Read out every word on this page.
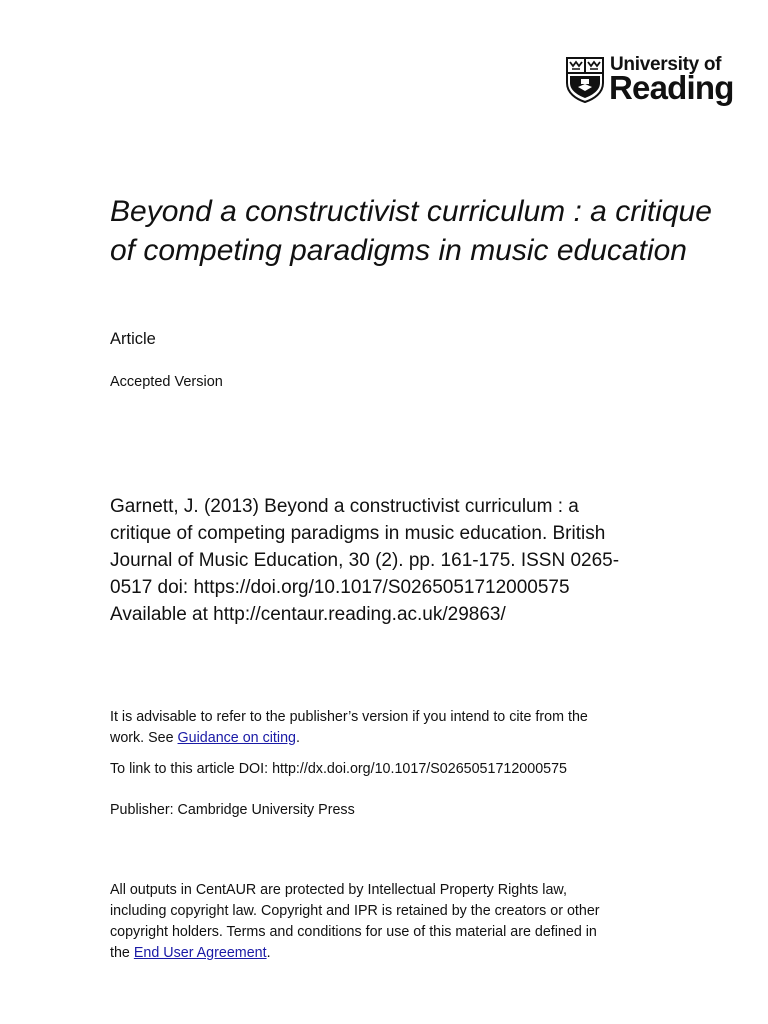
University of
Reading
Beyond a constructivist curriculum : a critique of competing paradigms in music education
Article
Accepted Version
Garnett, J. (2013) Beyond a constructivist curriculum : a
critique of competing paradigms in music education. British
Journal of Music Education, 30 (2). pp. 161-175. ISSN 0265-
0517 doi: https://doi.org/10.1017/S0265051712000575
Available at http://centaur.reading.ac.uk/29863/
It is advisable to refer to the publisher’s version if you intend to cite from the
work. See Guidance on citing.
To link to this article DOI: http://dx.doi.org/10.1017/S0265051712000575
Publisher: Cambridge University Press
All outputs in CentAUR are protected by Intellectual Property Rights law,
including copyright law. Copyright and IPR is retained by the creators or other
copyright holders. Terms and conditions for use of this material are defined in
the End User Agreement.
